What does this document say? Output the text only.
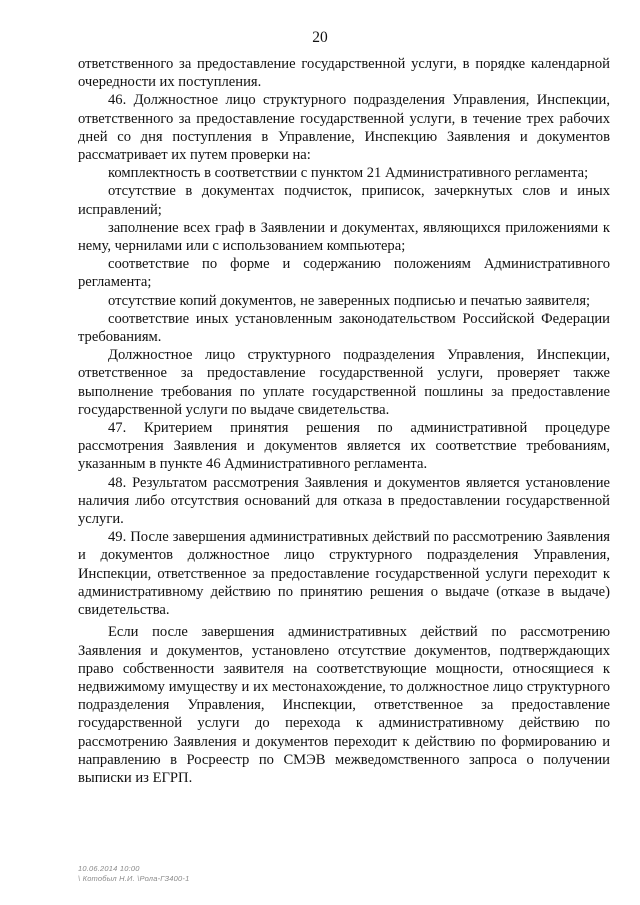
20

ответственного за предоставление государственной услуги, в порядке календарной очередности их поступления.

46. Должностное лицо структурного подразделения Управления, Инспекции, ответственного за предоставление государственной услуги, в течение трех рабочих дней со дня поступления в Управление, Инспекцию Заявления и документов рассматривает их путем проверки на:

комплектность в соответствии с пунктом 21 Административного регламента;

отсутствие в документах подчисток, приписок, зачеркнутых слов и иных исправлений;

заполнение всех граф в Заявлении и документах, являющихся приложениями к нему, чернилами или с использованием компьютера;

соответствие по форме и содержанию положениям Административного регламента;

отсутствие копий документов, не заверенных подписью и печатью заявителя;

соответствие иных установленным законодательством Российской Федерации требованиям.

Должностное лицо структурного подразделения Управления, Инспекции, ответственное за предоставление государственной услуги, проверяет также выполнение требования по уплате государственной пошлины за предоставление государственной услуги по выдаче свидетельства.

47. Критерием принятия решения по административной процедуре рассмотрения Заявления и документов является их соответствие требованиям, указанным в пункте 46 Административного регламента.

48. Результатом рассмотрения Заявления и документов является установление наличия либо отсутствия оснований для отказа в предоставлении государственной услуги.

49. После завершения административных действий по рассмотрению Заявления и документов должностное лицо структурного подразделения Управления, Инспекции, ответственное за предоставление государственной услуги переходит к административному действию по принятию решения о выдаче (отказе в выдаче) свидетельства.

Если после завершения административных действий по рассмотрению Заявления и документов, установлено отсутствие документов, подтверждающих право собственности заявителя на соответствующие мощности, относящиеся к недвижимому имуществу и их местонахождение, то должностное лицо структурного подразделения Управления, Инспекции, ответственное за предоставление государственной услуги до перехода к административному действию по рассмотрению Заявления и документов переходит к действию по формированию и направлению в Росреестр по СМЭВ межведомственного запроса о получении выписки из ЕГРП.

10.06.2014 10:00
\ Котобыл Н.И. \Рола-ГЗ400-1
